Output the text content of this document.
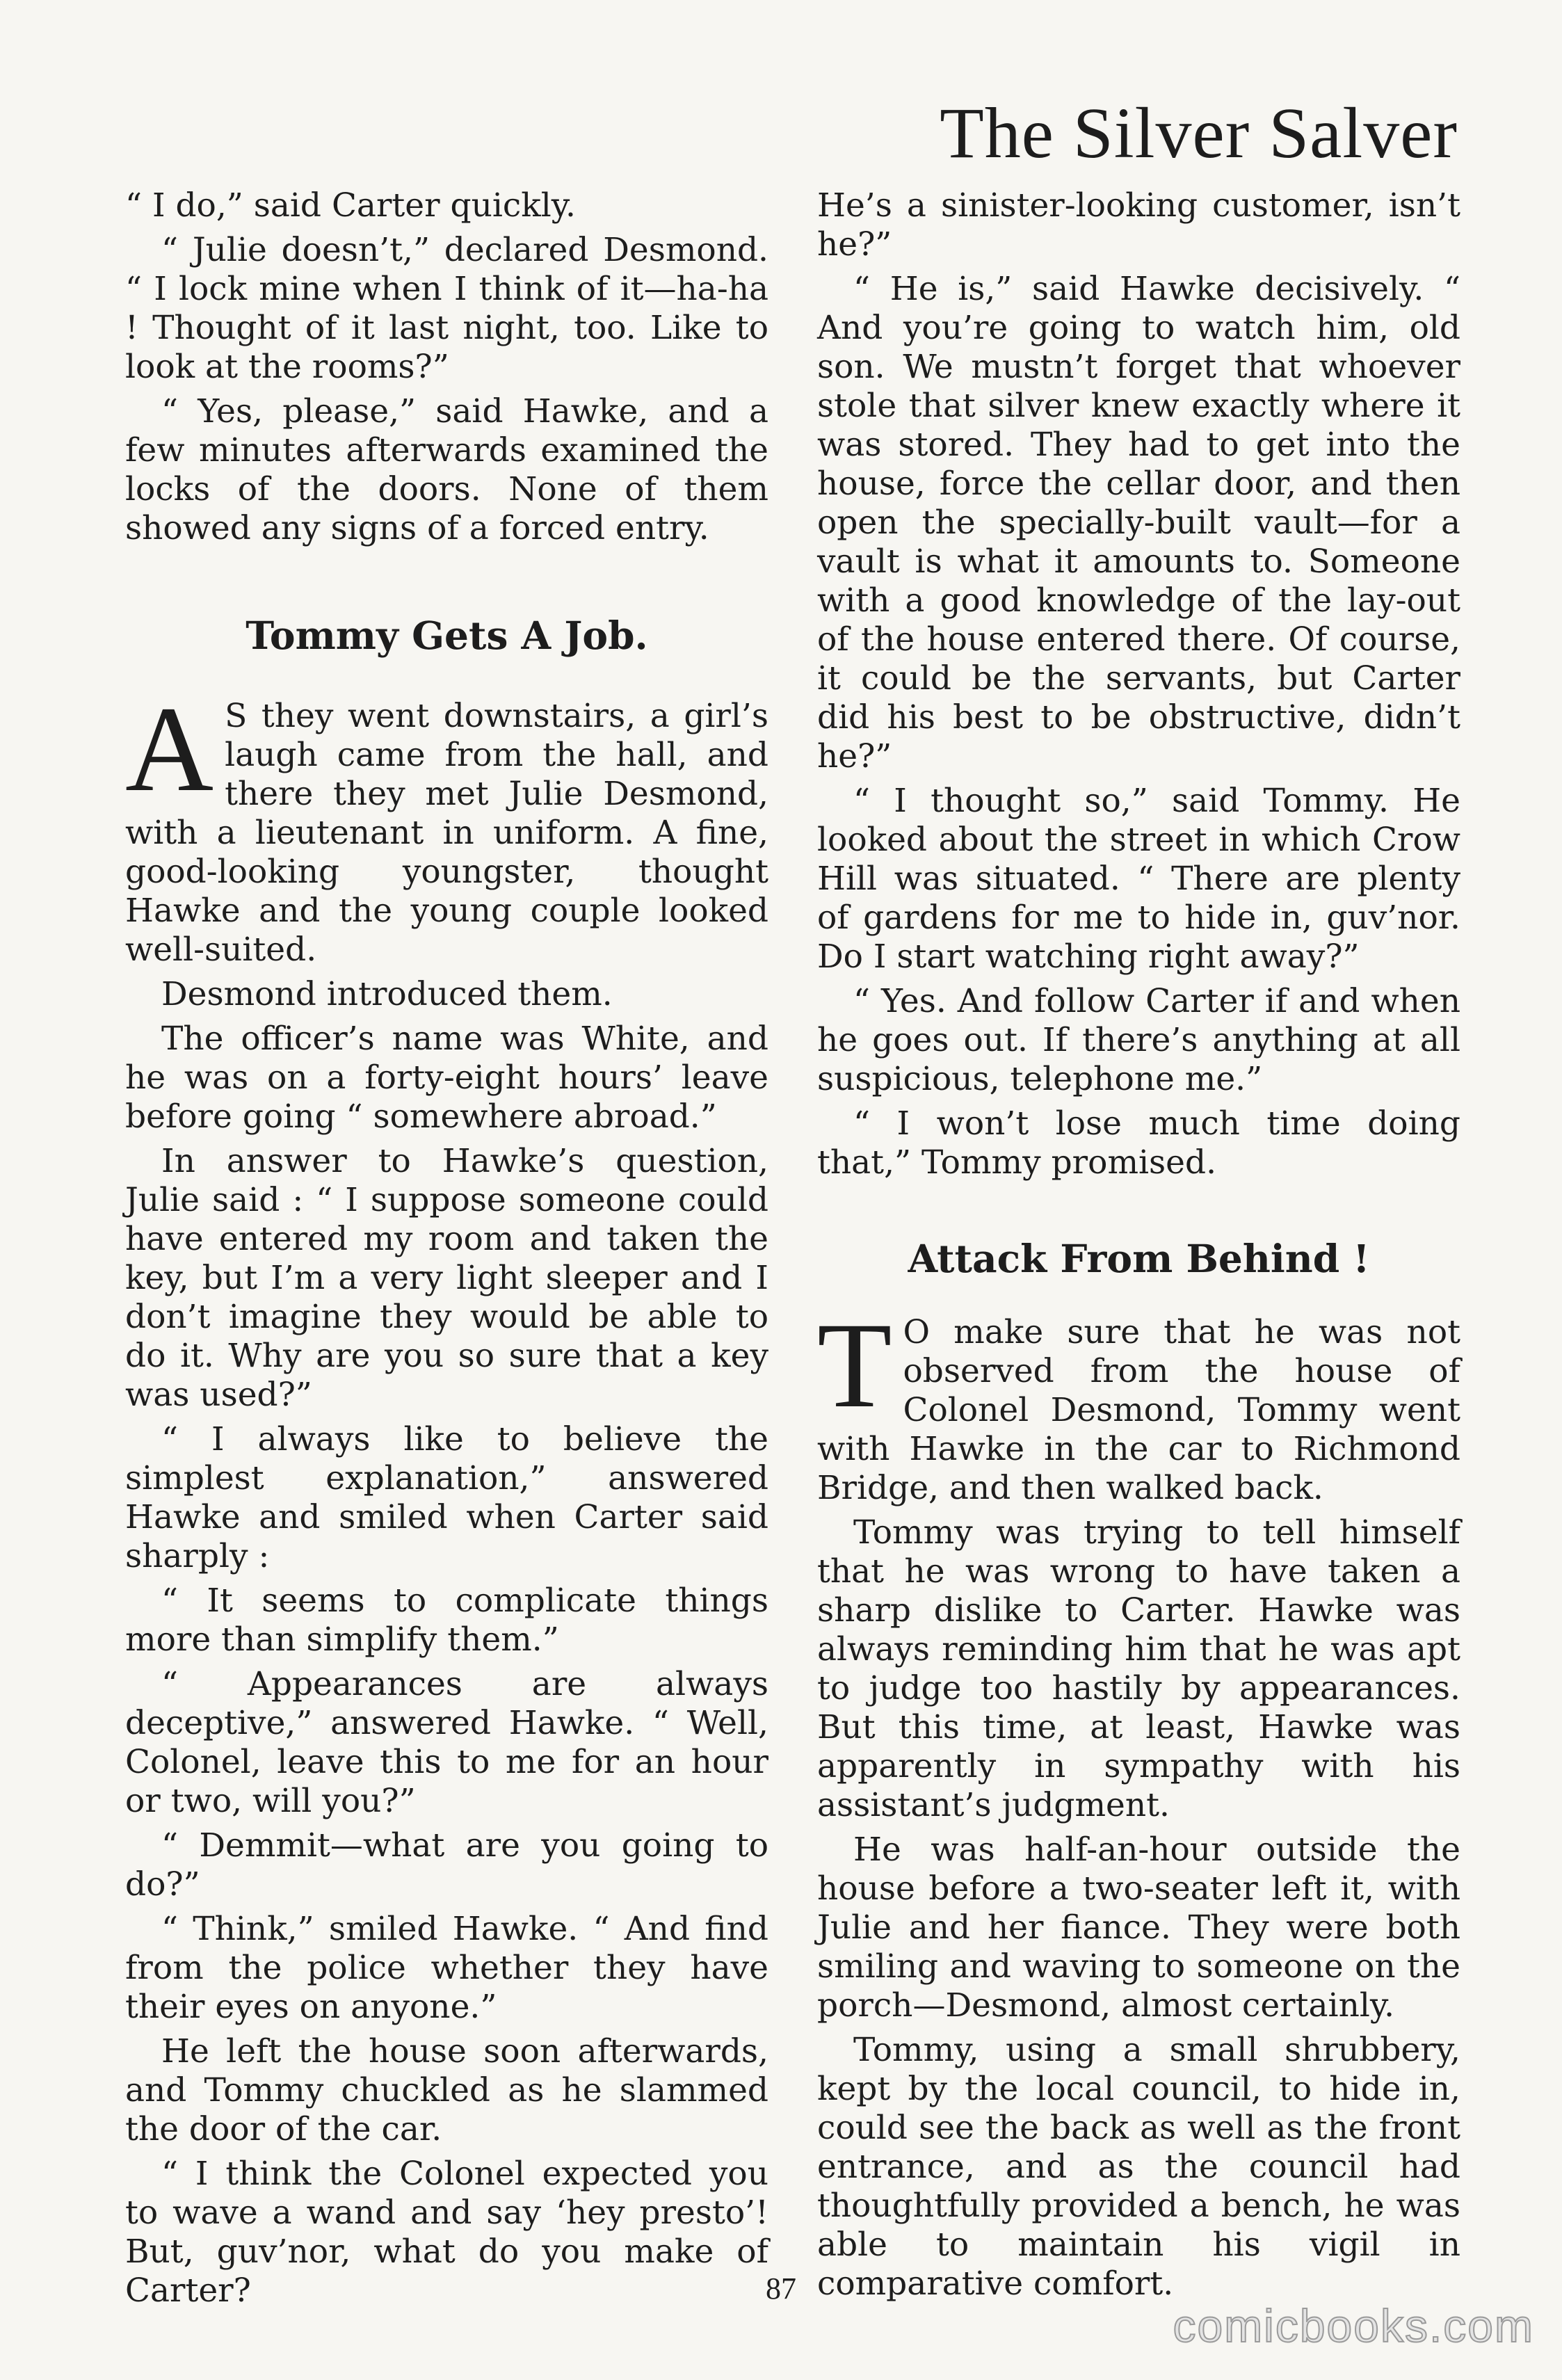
The Silver Salver

“ I do,” said Carter quickly.

“ Julie doesn’t,” declared Desmond. “ I lock mine when I think of it—ha-ha ! Thought of it last night, too. Like to look at the rooms?”

“ Yes, please,” said Hawke, and a few minutes afterwards examined the locks of the doors. None of them showed any signs of a forced entry.

Tommy Gets A Job.

A S they went downstairs, a girl’s laugh came from the hall, and there they met Julie Desmond, with a lieutenant in uniform. A fine, good-looking youngster, thought Hawke and the young couple looked well-suited.

Desmond introduced them.

The officer’s name was White, and he was on a forty-eight hours’ leave before going “ somewhere abroad.”

In answer to Hawke’s question, Julie said : “ I suppose someone could have entered my room and taken the key, but I’m a very light sleeper and I don’t imagine they would be able to do it. Why are you so sure that a key was used?”

“ I always like to believe the simplest explanation,” answered Hawke and smiled when Carter said sharply :

“ It seems to complicate things more than simplify them.”

“ Appearances are always deceptive,” answered Hawke. “ Well, Colonel, leave this to me for an hour or two, will you?”

“ Demmit—what are you going to do?”

“ Think,” smiled Hawke. “ And find from the police whether they have their eyes on anyone.”

He left the house soon afterwards, and Tommy chuckled as he slammed the door of the car.

“ I think the Colonel expected you to wave a wand and say ‘hey presto’! But, guv’nor, what do you make of Carter?

He’s a sinister-looking customer, isn’t he?”

“ He is,” said Hawke decisively. “ And you’re going to watch him, old son. We mustn’t forget that whoever stole that silver knew exactly where it was stored. They had to get into the house, force the cellar door, and then open the specially-built vault—for a vault is what it amounts to. Someone with a good knowledge of the lay-out of the house entered there. Of course, it could be the servants, but Carter did his best to be obstructive, didn’t he?”

“ I thought so,” said Tommy. He looked about the street in which Crow Hill was situated. “ There are plenty of gardens for me to hide in, guv’nor. Do I start watching right away?”

“ Yes. And follow Carter if and when he goes out. If there’s anything at all suspicious, telephone me.”

“ I won’t lose much time doing that,” Tommy promised.

Attack From Behind !

T O make sure that he was not observed from the house of Colonel Desmond, Tommy went with Hawke in the car to Richmond Bridge, and then walked back.

Tommy was trying to tell himself that he was wrong to have taken a sharp dislike to Carter. Hawke was always reminding him that he was apt to judge too hastily by appearances. But this time, at least, Hawke was apparently in sympathy with his assistant’s judgment.

He was half-an-hour outside the house before a two-seater left it, with Julie and her fiance. They were both smiling and waving to someone on the porch—Desmond, almost certainly.

Tommy, using a small shrubbery, kept by the local council, to hide in, could see the back as well as the front entrance, and as the council had thoughtfully provided a bench, he was able to maintain his vigil in comparative comfort.

87
comicbooks.com
